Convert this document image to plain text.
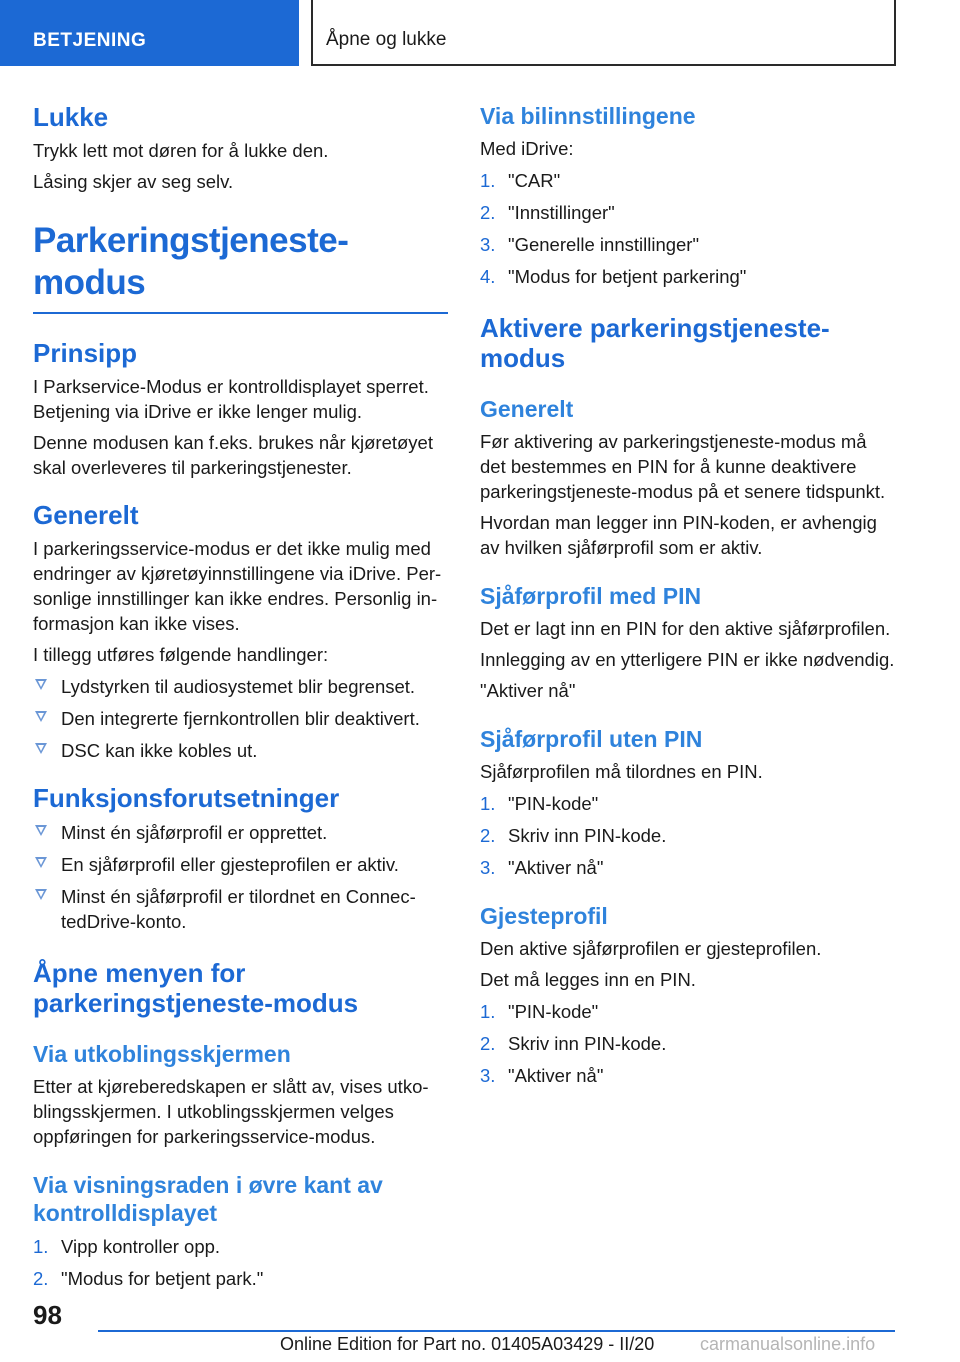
BETJENING	Åpne og lukke
Lukke

Trykk lett mot døren for å lukke den.

Låsing skjer av seg selv.

Parkeringstjeneste-modus
Prinsipp

I Parkservice-Modus er kontrolldisplayet sperret. Betjening via iDrive er ikke lenger mulig.

Denne modusen kan f.eks. brukes når kjøretøyet skal overleveres til parkeringstjenester.

Generelt

I parkeringsservice-modus er det ikke mulig med endringer av kjøretøyinnstillingene via iDrive. Personlige innstillinger kan ikke endres. Personlig informasjon kan ikke vises.

I tillegg utføres følgende handlinger:

Lydstyrken til audiosystemet blir begrenset.
Den integrerte fjernkontrollen blir deaktivert.
DSC kan ikke kobles ut.
Funksjonsforutsetninger
Minst én sjåførprofil er opprettet.
En sjåførprofil eller gjesteprofilen er aktiv.
Minst én sjåførprofil er tilordnet en ConnectedDrive-konto.
Åpne menyen for parkeringstjeneste-modus
Via utkoblingsskjermen

Etter at kjøreberedskapen er slått av, vises utkoblingsskjermen. I utkoblingsskjermen velges oppføringen for parkeringsservice-modus.

Via visningsraden i øvre kant av kontrolldisplayet
1. Vipp kontroller opp.
2. "Modus for betjent park."
Via bilinnstillingene

Med iDrive:

1. "CAR"
2. "Innstillinger"
3. "Generelle innstillinger"
4. "Modus for betjent parkering"
Aktivere parkeringstjeneste-modus
Generelt

Før aktivering av parkeringstjeneste-modus må det bestemmes en PIN for å kunne deaktivere parkeringstjeneste-modus på et senere tidspunkt.

Hvordan man legger inn PIN-koden, er avhengig av hvilken sjåførprofil som er aktiv.

Sjåførprofil med PIN

Det er lagt inn en PIN for den aktive sjåførprofilen.

Innlegging av en ytterligere PIN er ikke nødvendig.

"Aktiver nå"

Sjåførprofil uten PIN

Sjåførprofilen må tilordnes en PIN.

1. "PIN-kode"
2. Skriv inn PIN-kode.
3. "Aktiver nå"
Gjesteprofil

Den aktive sjåførprofilen er gjesteprofilen.

Det må legges inn en PIN.

1. "PIN-kode"
2. Skriv inn PIN-kode.
3. "Aktiver nå"
98
Online Edition for Part no. 01405A03429 - II/20	carmanualsonline.info
